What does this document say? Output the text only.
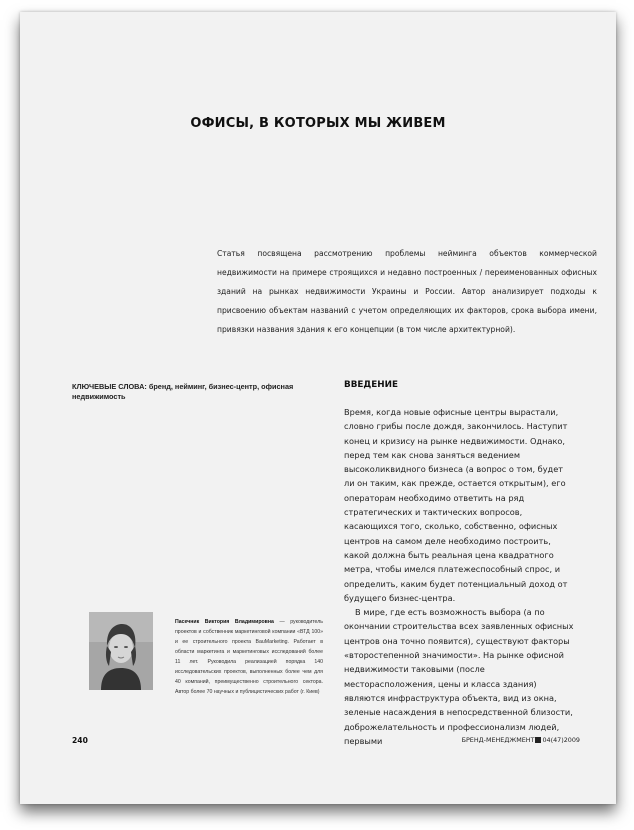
ОФИСЫ, В КОТОРЫХ МЫ ЖИВЕМ
Статья посвящена рассмотрению проблемы нейминга объектов коммерческой недвижимости на примере строящихся и недавно построенных / переименованных офисных зданий на рынках недвижимости Украины и России. Автор анализирует подходы к присвоению объектам названий с учетом определяющих их факторов, срока выбора имени, привязки названия здания к его концепции (в том числе архитектурной).
КЛЮЧЕВЫЕ СЛОВА: бренд, нейминг, бизнес-центр, офисная недвижимость
ВВЕДЕНИЕ

Время, когда новые офисные центры вырастали, словно грибы после дождя, закончилось. Наступит конец и кризису на рынке недвижимости. Однако, перед тем как снова заняться ведением высоколиквидного бизнеса (а вопрос о том, будет ли он таким, как прежде, остается открытым), его операторам необходимо ответить на ряд стратегических и тактических вопросов, касающихся того, сколько, собственно, офисных центров на самом деле необходимо построить, какой должна быть реальная цена квадратного метра, чтобы имелся платежеспособный спрос, и определить, каким будет потенциальный доход от будущего бизнес-центра.

В мире, где есть возможность выбора (а по окончании строительства всех заявленных офисных центров она точно появится), существуют факторы «второстепенной значимости». На рынке офисной недвижимости таковыми (после месторасположения, цены и класса здания) являются инфраструктура объекта, вид из окна, зеленые насаждения в непосредственной близости, доброжелательность и профессионализм людей, первыми

Пасечник Виктория Владимировна — руководитель проектов и собственник маркетинговой компании «ВТД 100» и ее строительного проекта BauMarketing. Работает в области маркетинга и маркетинговых исследований более 11 лет. Руководила реализацией порядка 140 исследовательских проектов, выполненных более чем для 40 компаний, преимущественно строительного сектора. Автор более 70 научных и публицистических работ (г. Киев)
240	БРЕНД-МЕНЕДЖМЕНТ 04(47)2009
